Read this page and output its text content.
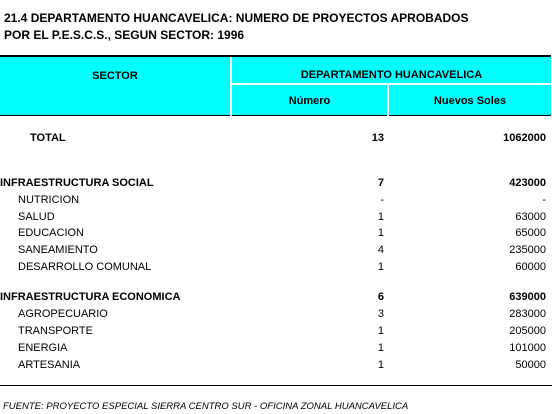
21.4 DEPARTAMENTO HUANCAVELICA: NUMERO DE PROYECTOS APROBADOS
POR EL P.E.S.C.S., SEGUN SECTOR: 1996
SECTOR	DEPARTAMENTO HUANCAVELICA
Número	Nuevos Soles
TOTAL	13	1062000
INFRAESTRUCTURA SOCIAL	7	423000
NUTRICION	-	-
SALUD	1	63000
EDUCACION	1	65000
SANEAMIENTO	4	235000
DESARROLLO COMUNAL	1	60000
INFRAESTRUCTURA ECONOMICA	6	639000
AGROPECUARIO	3	283000
TRANSPORTE	1	205000
ENERGIA	1	101000
ARTESANIA	1	50000
FUENTE: PROYECTO ESPECIAL SIERRA CENTRO SUR - OFICINA ZONAL HUANCAVELICA
